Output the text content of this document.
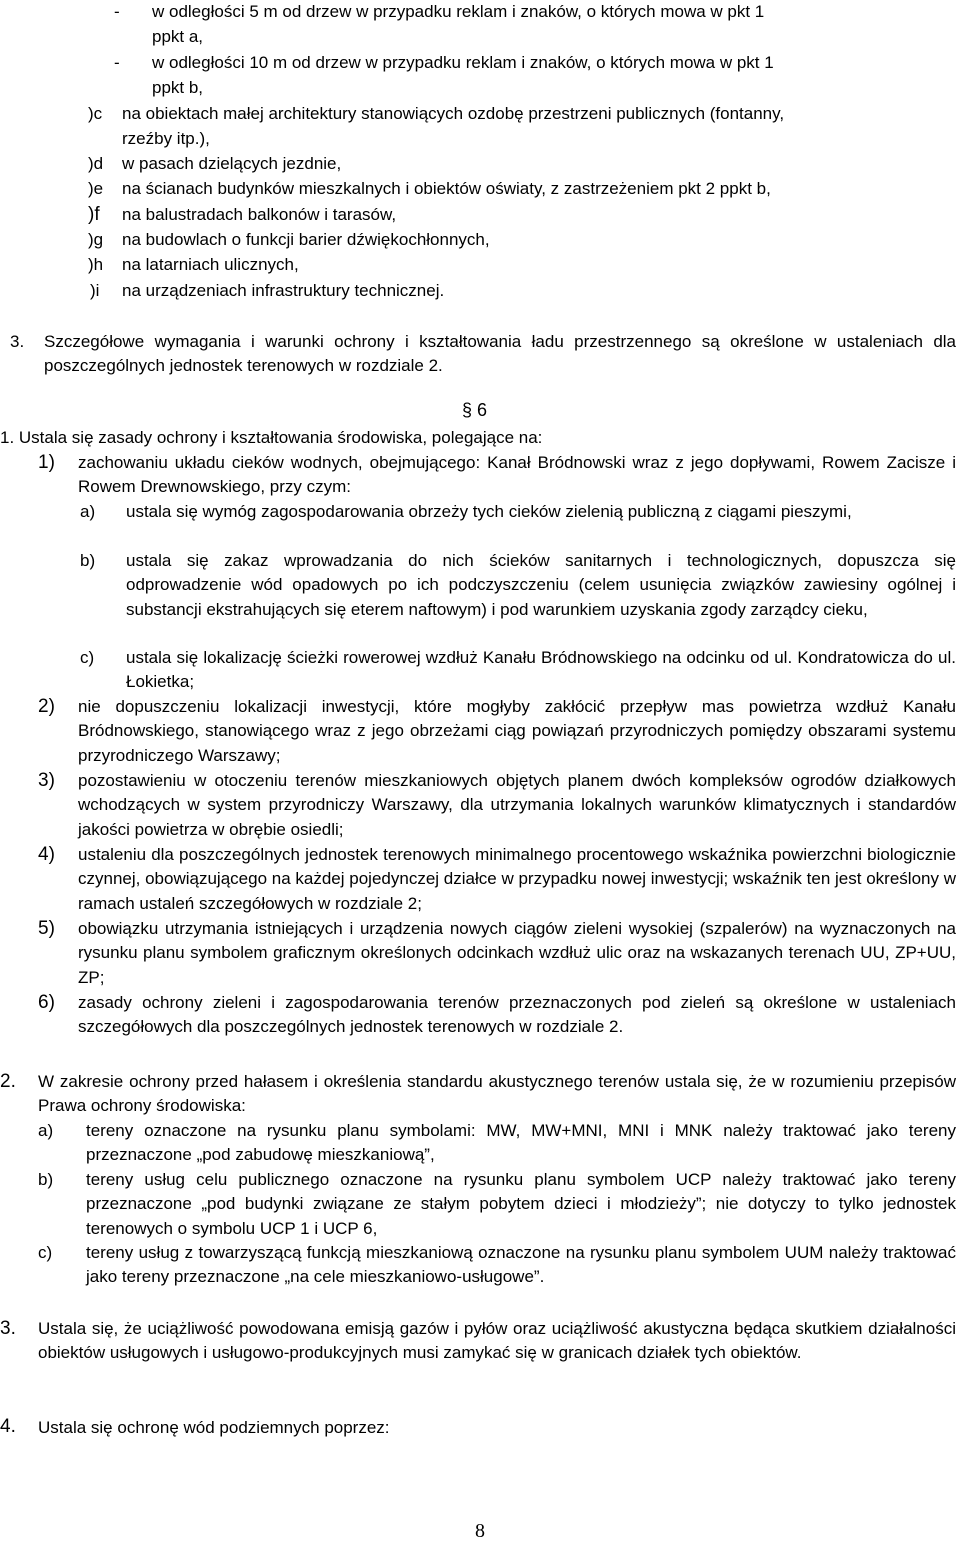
- w odległości 5 m od drzew w przypadku reklam i znaków, o których mowa w pkt 1
ppkt a,
- w odległości 10 m od drzew w przypadku reklam i znaków, o których mowa w pkt 1
ppkt b,
)c na obiektach małej architektury stanowiących ozdobę przestrzeni publicznych (fontanny,
rzeźby itp.),
)d w pasach dzielących jezdnie,
)e na ścianach budynków mieszkalnych i obiektów oświaty, z zastrzeżeniem pkt 2 ppkt b,
)f na balustradach balkonów i tarasów,
)g na budowlach o funkcji barier dźwiękochłonnych,
)h na latarniach ulicznych,
)i na urządzeniach infrastruktury technicznej.
3. Szczegółowe wymagania i warunki ochrony i kształtowania ładu przestrzennego są określone w ustaleniach dla poszczególnych jednostek terenowych w rozdziale 2.
§ 6
1. Ustala się zasady ochrony i kształtowania środowiska, polegające na:
1) zachowaniu układu cieków wodnych, obejmującego: Kanał Bródnowski wraz z jego dopływami, Rowem Zacisze i Rowem Drewnowskiego, przy czym:
a) ustala się wymóg zagospodarowania obrzeży tych cieków zielenią publiczną z ciągami pieszymi,
b) ustala się zakaz wprowadzania do nich ścieków sanitarnych i technologicznych, dopuszcza się odprowadzenie wód opadowych po ich podczyszczeniu (celem usunięcia związków zawiesiny ogólnej i substancji ekstrahujących się eterem naftowym) i pod warunkiem uzyskania zgody zarządcy cieku,
c) ustala się lokalizację ścieżki rowerowej wzdłuż Kanału Bródnowskiego na odcinku od ul. Kondratowicza do ul. Łokietka;
2) nie dopuszczeniu lokalizacji inwestycji, które mogłyby zakłócić przepływ mas powietrza wzdłuż Kanału Bródnowskiego, stanowiącego wraz z jego obrzeżami ciąg powiązań przyrodniczych pomiędzy obszarami systemu przyrodniczego Warszawy;
3) pozostawieniu w otoczeniu terenów mieszkaniowych objętych planem dwóch kompleksów ogrodów działkowych wchodzących w system przyrodniczy Warszawy, dla utrzymania lokalnych warunków klimatycznych i standardów jakości powietrza w obrębie osiedli;
4) ustaleniu dla poszczególnych jednostek terenowych minimalnego procentowego wskaźnika powierzchni biologicznie czynnej, obowiązującego na każdej pojedynczej działce w przypadku nowej inwestycji; wskaźnik ten jest określony w ramach ustaleń szczegółowych w rozdziale 2;
5) obowiązku utrzymania istniejących i urządzenia nowych ciągów zieleni wysokiej (szpalerów) na wyznaczonych na rysunku planu symbolem graficznym określonych odcinkach wzdłuż ulic oraz na wskazanych terenach UU, ZP+UU, ZP;
6) zasady ochrony zieleni i zagospodarowania terenów przeznaczonych pod zieleń są określone w ustaleniach szczegółowych dla poszczególnych jednostek terenowych w rozdziale 2.
2. W zakresie ochrony przed hałasem i określenia standardu akustycznego terenów ustala się, że w rozumieniu przepisów Prawa ochrony środowiska:
a) tereny oznaczone na rysunku planu symbolami: MW, MW+MNI, MNI i MNK należy traktować jako tereny przeznaczone „pod zabudowę mieszkaniową”,
b) tereny usług celu publicznego oznaczone na rysunku planu symbolem UCP należy traktować jako tereny przeznaczone „pod budynki związane ze stałym pobytem dzieci i młodzieży”; nie dotyczy to tylko jednostek terenowych o symbolu UCP 1 i UCP 6,
c) tereny usług z towarzyszącą funkcją mieszkaniową oznaczone na rysunku planu symbolem UUM należy traktować jako tereny przeznaczone „na cele mieszkaniowo-usługowe”.
3. Ustala się, że uciążliwość powodowana emisją gazów i pyłów oraz uciążliwość akustyczna będąca skutkiem działalności obiektów usługowych i usługowo-produkcyjnych musi zamykać się w granicach działek tych obiektów.
4. Ustala się ochronę wód podziemnych poprzez:
8
